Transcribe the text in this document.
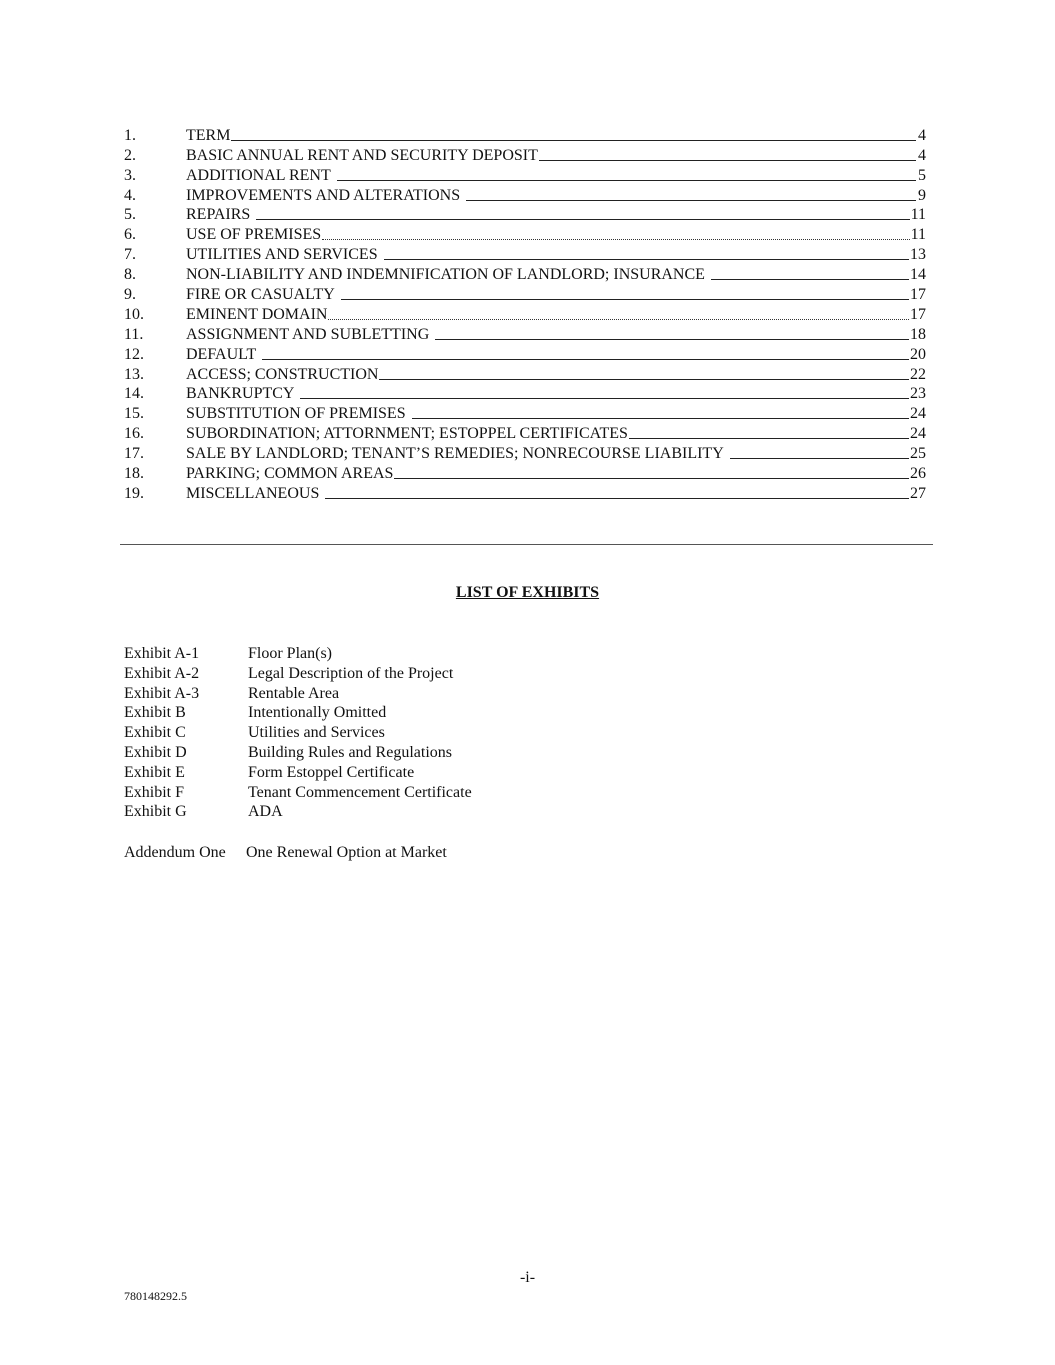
1.	TERM	4
2.	BASIC ANNUAL RENT AND SECURITY DEPOSIT	4
3.	ADDITIONAL RENT	5
4.	IMPROVEMENTS AND ALTERATIONS	9
5.	REPAIRS	11
6.	USE OF PREMISES	11
7.	UTILITIES AND SERVICES	13
8.	NON-LIABILITY AND INDEMNIFICATION OF LANDLORD; INSURANCE	14
9.	FIRE OR CASUALTY	17
10.	EMINENT DOMAIN	17
11.	ASSIGNMENT AND SUBLETTING	18
12.	DEFAULT	20
13.	ACCESS; CONSTRUCTION	22
14.	BANKRUPTCY	23
15.	SUBSTITUTION OF PREMISES	24
16.	SUBORDINATION; ATTORNMENT; ESTOPPEL CERTIFICATES	24
17.	SALE BY LANDLORD; TENANT’S REMEDIES; NONRECOURSE LIABILITY	25
18.	PARKING; COMMON AREAS	26
19.	MISCELLANEOUS	27
LIST OF EXHIBITS
Exhibit A-1	Floor Plan(s)
Exhibit A-2	Legal Description of the Project
Exhibit A-3	Rentable Area
Exhibit B	Intentionally Omitted
Exhibit C	Utilities and Services
Exhibit D	Building Rules and Regulations
Exhibit E	Form Estoppel Certificate
Exhibit F	Tenant Commencement Certificate
Exhibit G	ADA
Addendum One	One Renewal Option at Market
-i-
780148292.5
